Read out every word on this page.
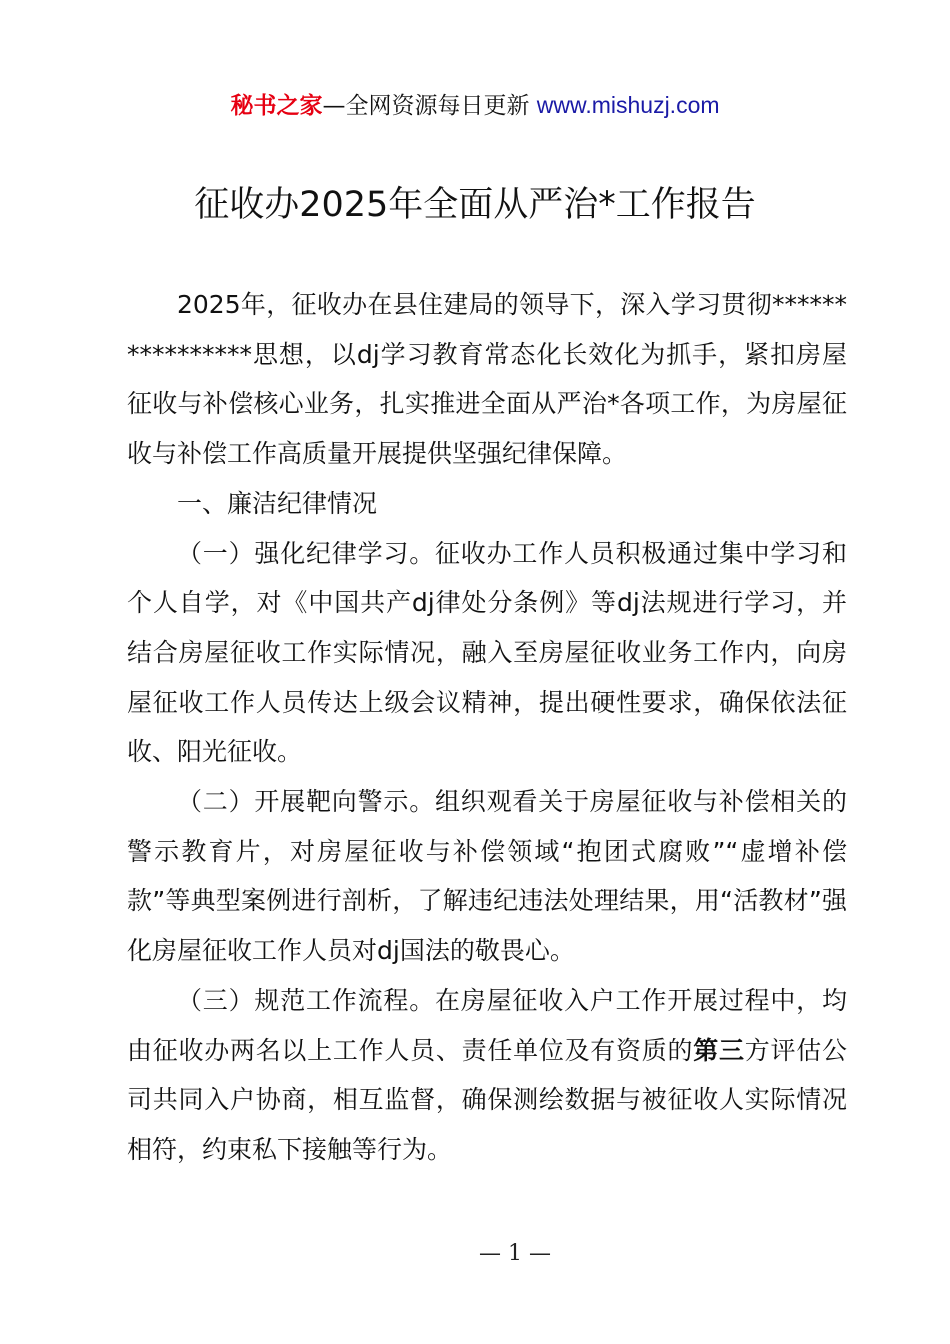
秘书之家—全网资源每日更新 www.mishuzj.com
征收办2025年全面从严治*工作报告

2025年，征收办在县住建局的领导下，深入学习贯彻****************思想，以dj学习教育常态化长效化为抓手，紧扣房屋征收与补偿核心业务，扎实推进全面从严治*各项工作，为房屋征收与补偿工作高质量开展提供坚强纪律保障。

一、廉洁纪律情况

（一）强化纪律学习。征收办工作人员积极通过集中学习和个人自学，对《中国共产dj律处分条例》等dj法规进行学习，并结合房屋征收工作实际情况，融入至房屋征收业务工作内，向房屋征收工作人员传达上级会议精神，提出硬性要求，确保依法征收、阳光征收。

（二）开展靶向警示。组织观看关于房屋征收与补偿相关的警示教育片，对房屋征收与补偿领域“抱团式腐败”“虚增补偿款”等典型案例进行剖析，了解违纪违法处理结果，用“活教材”强化房屋征收工作人员对dj国法的敬畏心。

（三）规范工作流程。在房屋征收入户工作开展过程中，均由征收办两名以上工作人员、责任单位及有资质的第三方评估公司共同入户协商，相互监督，确保测绘数据与被征收人实际情况相符，约束私下接触等行为。

— 1 —
